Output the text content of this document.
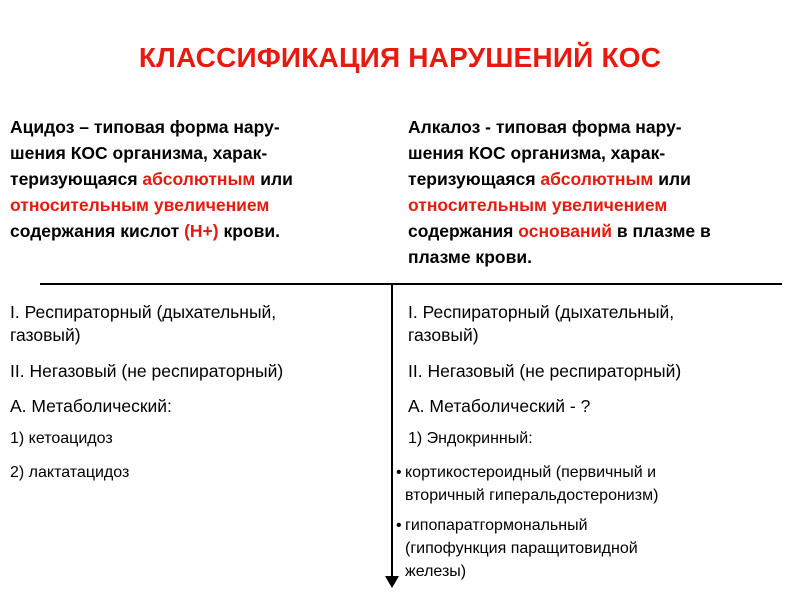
КЛАССИФИКАЦИЯ НАРУШЕНИЙ КОС
Ацидоз – типовая форма нару-
шения КОС организма, харак-
теризующаяся абсолютным или
относительным увеличением
содержания кислот (Н+) крови.
Алкалоз - типовая форма нару-
шения КОС организма, харак-
теризующаяся абсолютным или
относительным увеличением
содержания оснований в плазме в
плазме крови.
I. Респираторный (дыхательный,
газовый)
II. Негазовый (не респираторный)
А. Метаболический:
1) кетоацидоз
2) лактатацидоз
I. Респираторный (дыхательный,
газовый)
II. Негазовый (не респираторный)
А. Метаболический - ?
1) Эндокринный:
• кортикостероидный (первичный и
вторичный гиперальдостеронизм)
• гипопаратгормональный
(гипофункция паращитовидной
железы)
